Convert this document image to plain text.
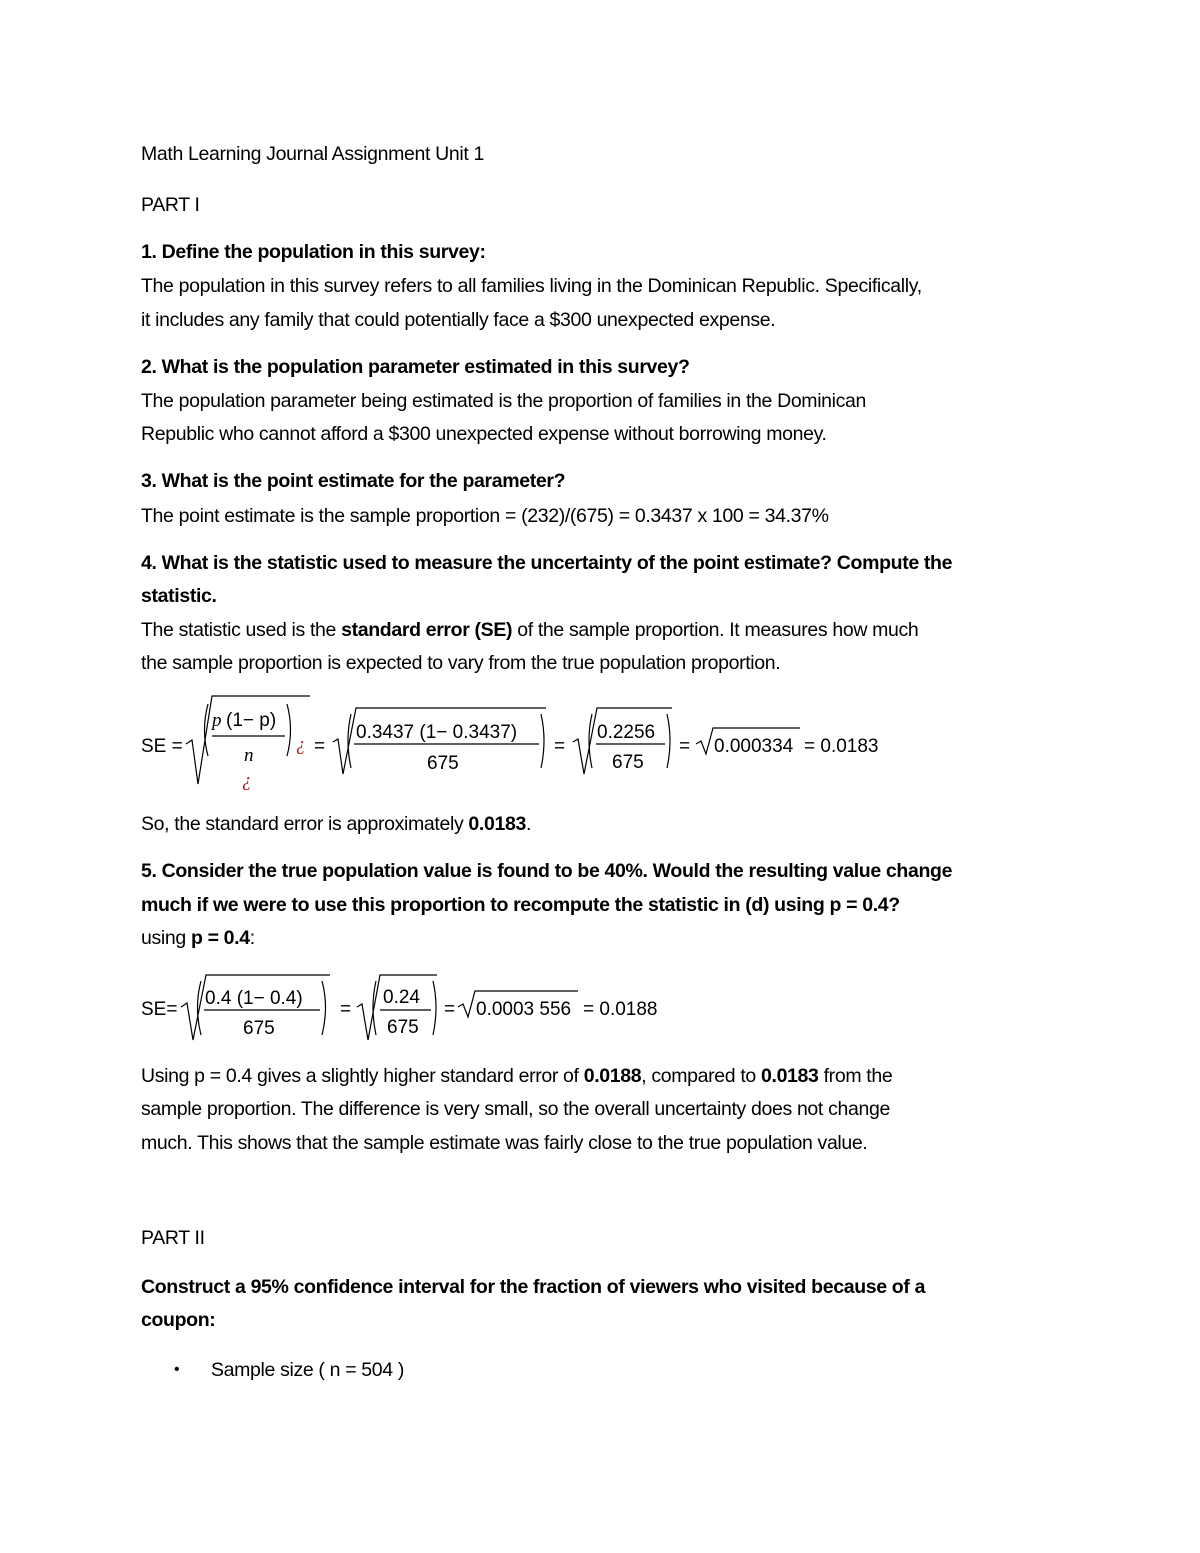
Math Learning Journal Assignment Unit 1
PART I
1. Define the population in this survey:
The population in this survey refers to all families living in the Dominican Republic. Specifically,
it includes any family that could potentially face a $300 unexpected expense.
2. What is the population parameter estimated in this survey?
The population parameter being estimated is the proportion of families in the Dominican
Republic who cannot afford a $300 unexpected expense without borrowing money.
3. What is the point estimate for the parameter?
The point estimate is the sample proportion = (232)/(675) = 0.3437 x 100 = 34.37%
4. What is the statistic used to measure the uncertainty of the point estimate? Compute the
statistic.
The statistic used is the standard error (SE) of the sample proportion. It measures how much
the sample proportion is expected to vary from the true population proportion.
So, the standard error is approximately 0.0183.
5. Consider the true population value is found to be 40%. Would the resulting value change
much if we were to use this proportion to recompute the statistic in (d) using p = 0.4?
using p = 0.4:
Using p = 0.4 gives a slightly higher standard error of 0.0188, compared to 0.0183 from the
sample proportion. The difference is very small, so the overall uncertainty does not change
much. This shows that the sample estimate was fairly close to the true population value.
PART II
Construct a 95% confidence interval for the fraction of viewers who visited because of a
coupon:
• Sample size ( n = 504 )
SE =
p (1− p)
n
¿
¿ =
0.3437 (1− 0.3437)
675
=
0.2256
675
= 0.000334 = 0.0183
SE=
0.4 (1− 0.4)
675
=
0.24
675
= 0.0003 556 = 0.0188
